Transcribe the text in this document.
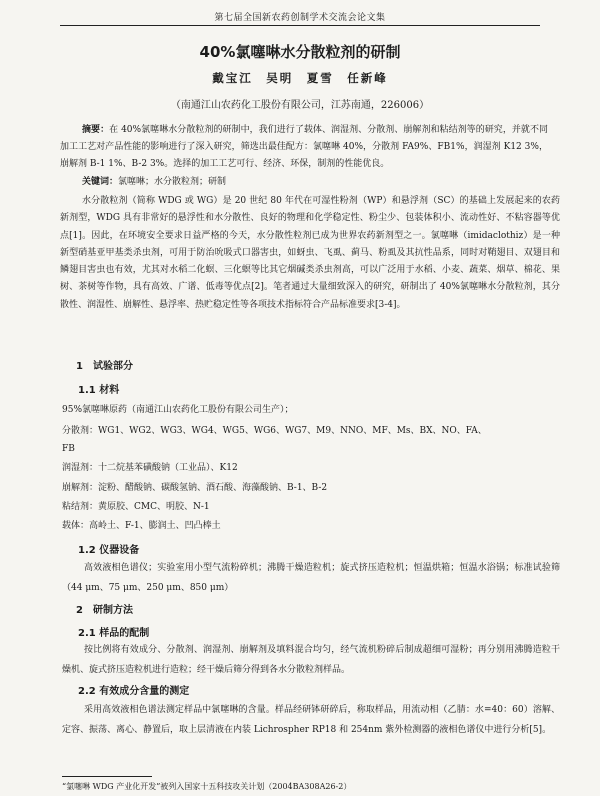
第七届全国新农药创制学术交流会论文集
40%氯噻啉水分散粒剂的研制
戴宝江　吴明　夏雪　任新峰
（南通江山农药化工股份有限公司，江苏南通，226006）
摘要：在 40%氯噻啉水分散粒剂的研制中，我们进行了载体、润湿剂、分散剂、崩解剂和粘结剂等的研究，并就不同加工工艺对产品性能的影响进行了深入研究，筛选出最佳配方：氯噻啉 40%，分散剂 FA9%、FB1%，润湿剂 K12 3%，崩解剂 B-1 1%、B-2 3%。选择的加工工艺可行、经济、环保，制剂的性能优良。
关键词：氯噻啉；水分散粒剂；研制
水分散粒剂（简称 WDG 或 WG）是 20 世纪 80 年代在可湿性粉剂（WP）和悬浮剂（SC）的基础上发展起来的农药新剂型，WDG 具有非常好的悬浮性和水分散性、良好的物理和化学稳定性、粉尘少、包装体积小、流动性好、不粘容器等优点[1]。因此，在环境安全要求日益严格的今天，水分散性粒剂已成为世界农药新剂型之一。氯噻啉（imidaclothiz）是一种新型硝基亚甲基类杀虫剂，可用于防治吮吸式口器害虫，如蚜虫、飞虱、蓟马、粉虱及其抗性品系，同时对鞘翅目、双翅目和鳞翅目害虫也有效，尤其对水稻二化螟、三化螟等比其它烟碱类杀虫剂高，可以广泛用于水稻、小麦、蔬菜、烟草、棉花、果树、茶树等作物，具有高效、广谱、低毒等优点[2]。笔者通过大量细致深入的研究，研制出了 40%氯噻啉水分散粒剂，其分散性、润湿性、崩解性、悬浮率、热贮稳定性等各项技术指标符合产品标准要求[3-4]。
1　试验部分
1.1 材料
95%氯噻啉原药（南通江山农药化工股份有限公司生产）；
分散剂：WG1、WG2、WG3、WG4、WG5、WG6、WG7、M9、NNO、MF、Ms、BX、NO、FA、
FB
润湿剂：十二烷基苯磺酸钠（工业品）、K12
崩解剂：淀粉、醋酸钠、碳酸氢钠、酒石酸、海藻酸钠、B-1、B-2
粘结剂：黄原胶、CMC、明胶、N-1
载体：高岭土、F-1、膨润土、凹凸棒土
1.2 仪器设备
高效液相色谱仪；实验室用小型气流粉碎机；沸腾干燥造粒机；旋式挤压造粒机；恒温烘箱；恒温水浴锅；标准试验筛（44 μm、75 μm、250 μm、850 μm）
2　研制方法
2.1 样品的配制
按比例将有效成分、分散剂、润湿剂、崩解剂及填料混合均匀，经气流机粉碎后制成超细可湿粉；再分别用沸腾造粒干燥机、旋式挤压造粒机进行造粒；经干燥后筛分得到各水分散粒剂样品。
2.2 有效成分含量的测定
采用高效液相色谱法测定样品中氯噻啉的含量。样品经研钵研碎后，称取样品，用流动相（乙腈：水=40：60）溶解、定容、振荡、离心、静置后，取上层清液在内装 Lichrospher RP18 和 254nm 紫外检测器的液相色谱仪中进行分析[5]。
“氯噻啉 WDG 产业化开发”被列入国家十五科技攻关计划（2004BA308A26-2）
